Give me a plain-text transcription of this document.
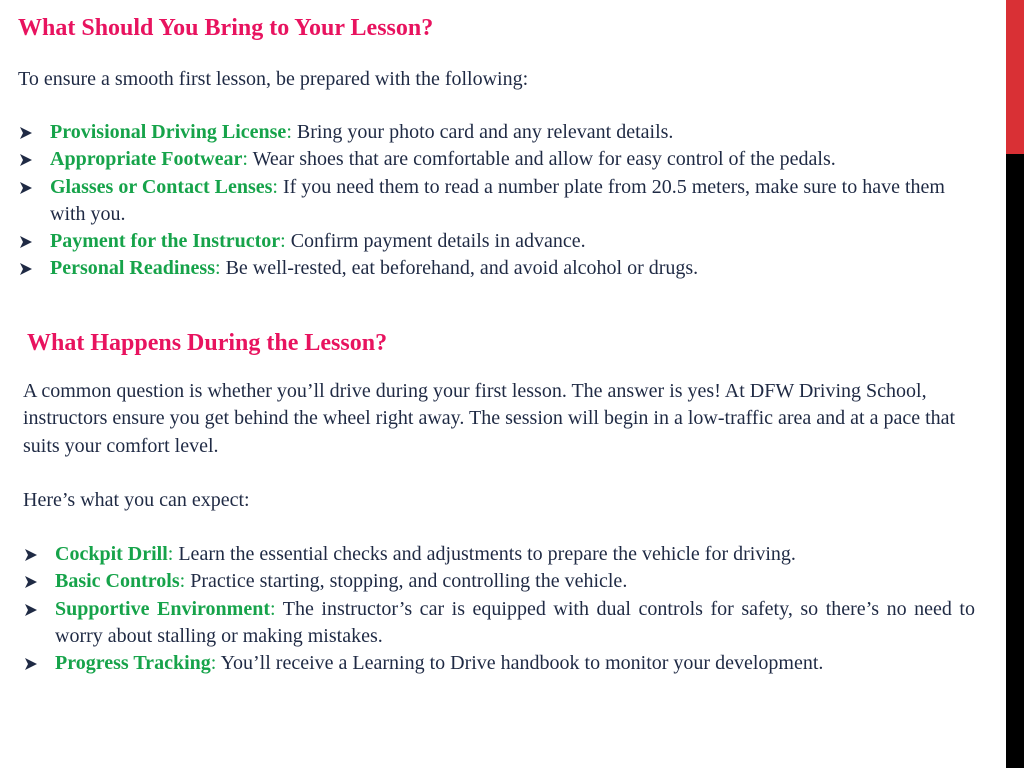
What Should You Bring to Your Lesson?

To ensure a smooth first lesson, be prepared with the following:

Provisional Driving License: Bring your photo card and any relevant details.
Appropriate Footwear: Wear shoes that are comfortable and allow for easy control of the pedals.
Glasses or Contact Lenses: If you need them to read a number plate from 20.5 meters, make sure to have them with you.
Payment for the Instructor: Confirm payment details in advance.
Personal Readiness: Be well-rested, eat beforehand, and avoid alcohol or drugs.
What Happens During the Lesson?

A common question is whether you’ll drive during your first lesson. The answer is yes! At DFW Driving School, instructors ensure you get behind the wheel right away. The session will begin in a low-traffic area and at a pace that suits your comfort level.

Here’s what you can expect:

Cockpit Drill: Learn the essential checks and adjustments to prepare the vehicle for driving.
Basic Controls: Practice starting, stopping, and controlling the vehicle.
Supportive Environment: The instructor’s car is equipped with dual controls for safety, so there’s no need to worry about stalling or making mistakes.
Progress Tracking: You’ll receive a Learning to Drive handbook to monitor your development.
